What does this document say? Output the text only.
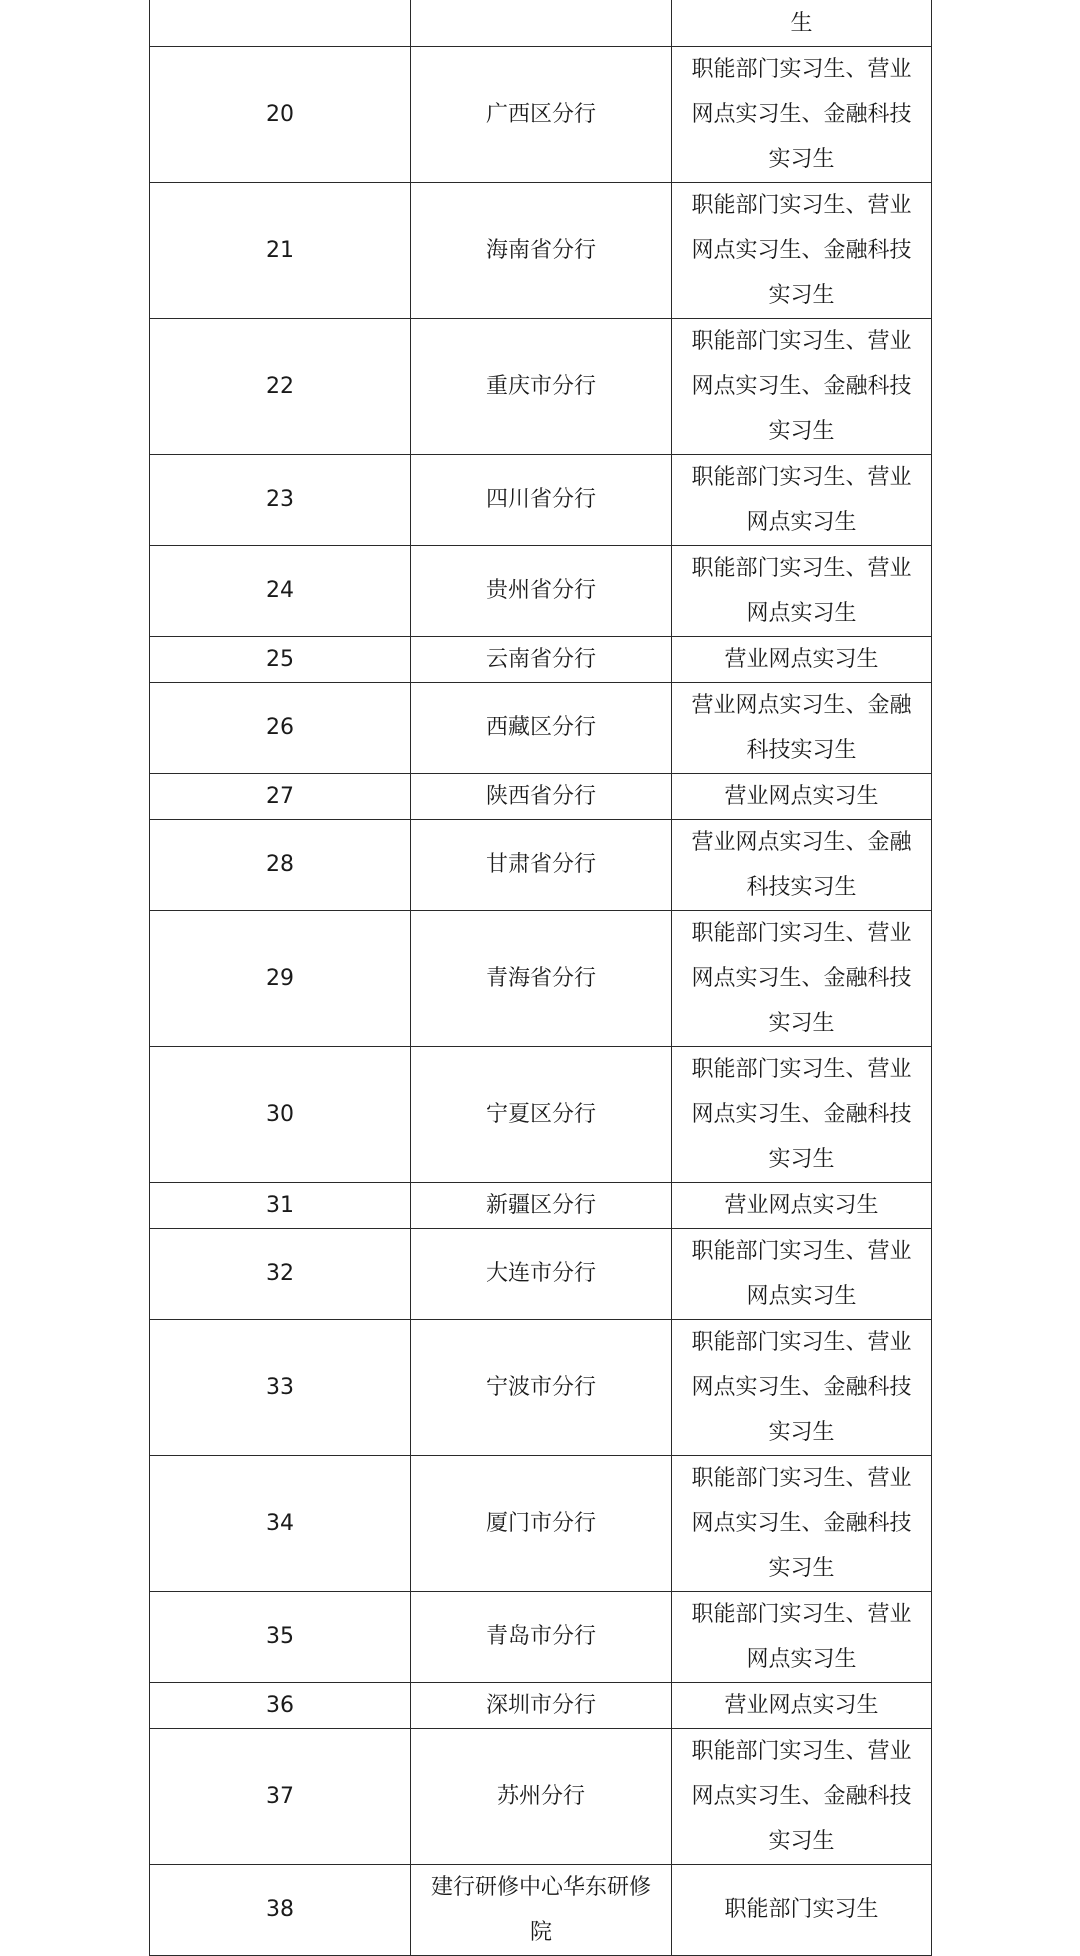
		生
20	广西区分行	职能部门实习生、营业网点实习生、金融科技实习生
21	海南省分行	职能部门实习生、营业网点实习生、金融科技实习生
22	重庆市分行	职能部门实习生、营业网点实习生、金融科技实习生
23	四川省分行	职能部门实习生、营业网点实习生
24	贵州省分行	职能部门实习生、营业网点实习生
25	云南省分行	营业网点实习生
26	西藏区分行	营业网点实习生、金融科技实习生
27	陕西省分行	营业网点实习生
28	甘肃省分行	营业网点实习生、金融科技实习生
29	青海省分行	职能部门实习生、营业网点实习生、金融科技实习生
30	宁夏区分行	职能部门实习生、营业网点实习生、金融科技实习生
31	新疆区分行	营业网点实习生
32	大连市分行	职能部门实习生、营业网点实习生
33	宁波市分行	职能部门实习生、营业网点实习生、金融科技实习生
34	厦门市分行	职能部门实习生、营业网点实习生、金融科技实习生
35	青岛市分行	职能部门实习生、营业网点实习生
36	深圳市分行	营业网点实习生
37	苏州分行	职能部门实习生、营业网点实习生、金融科技实习生
38	建行研修中心华东研修院	职能部门实习生
